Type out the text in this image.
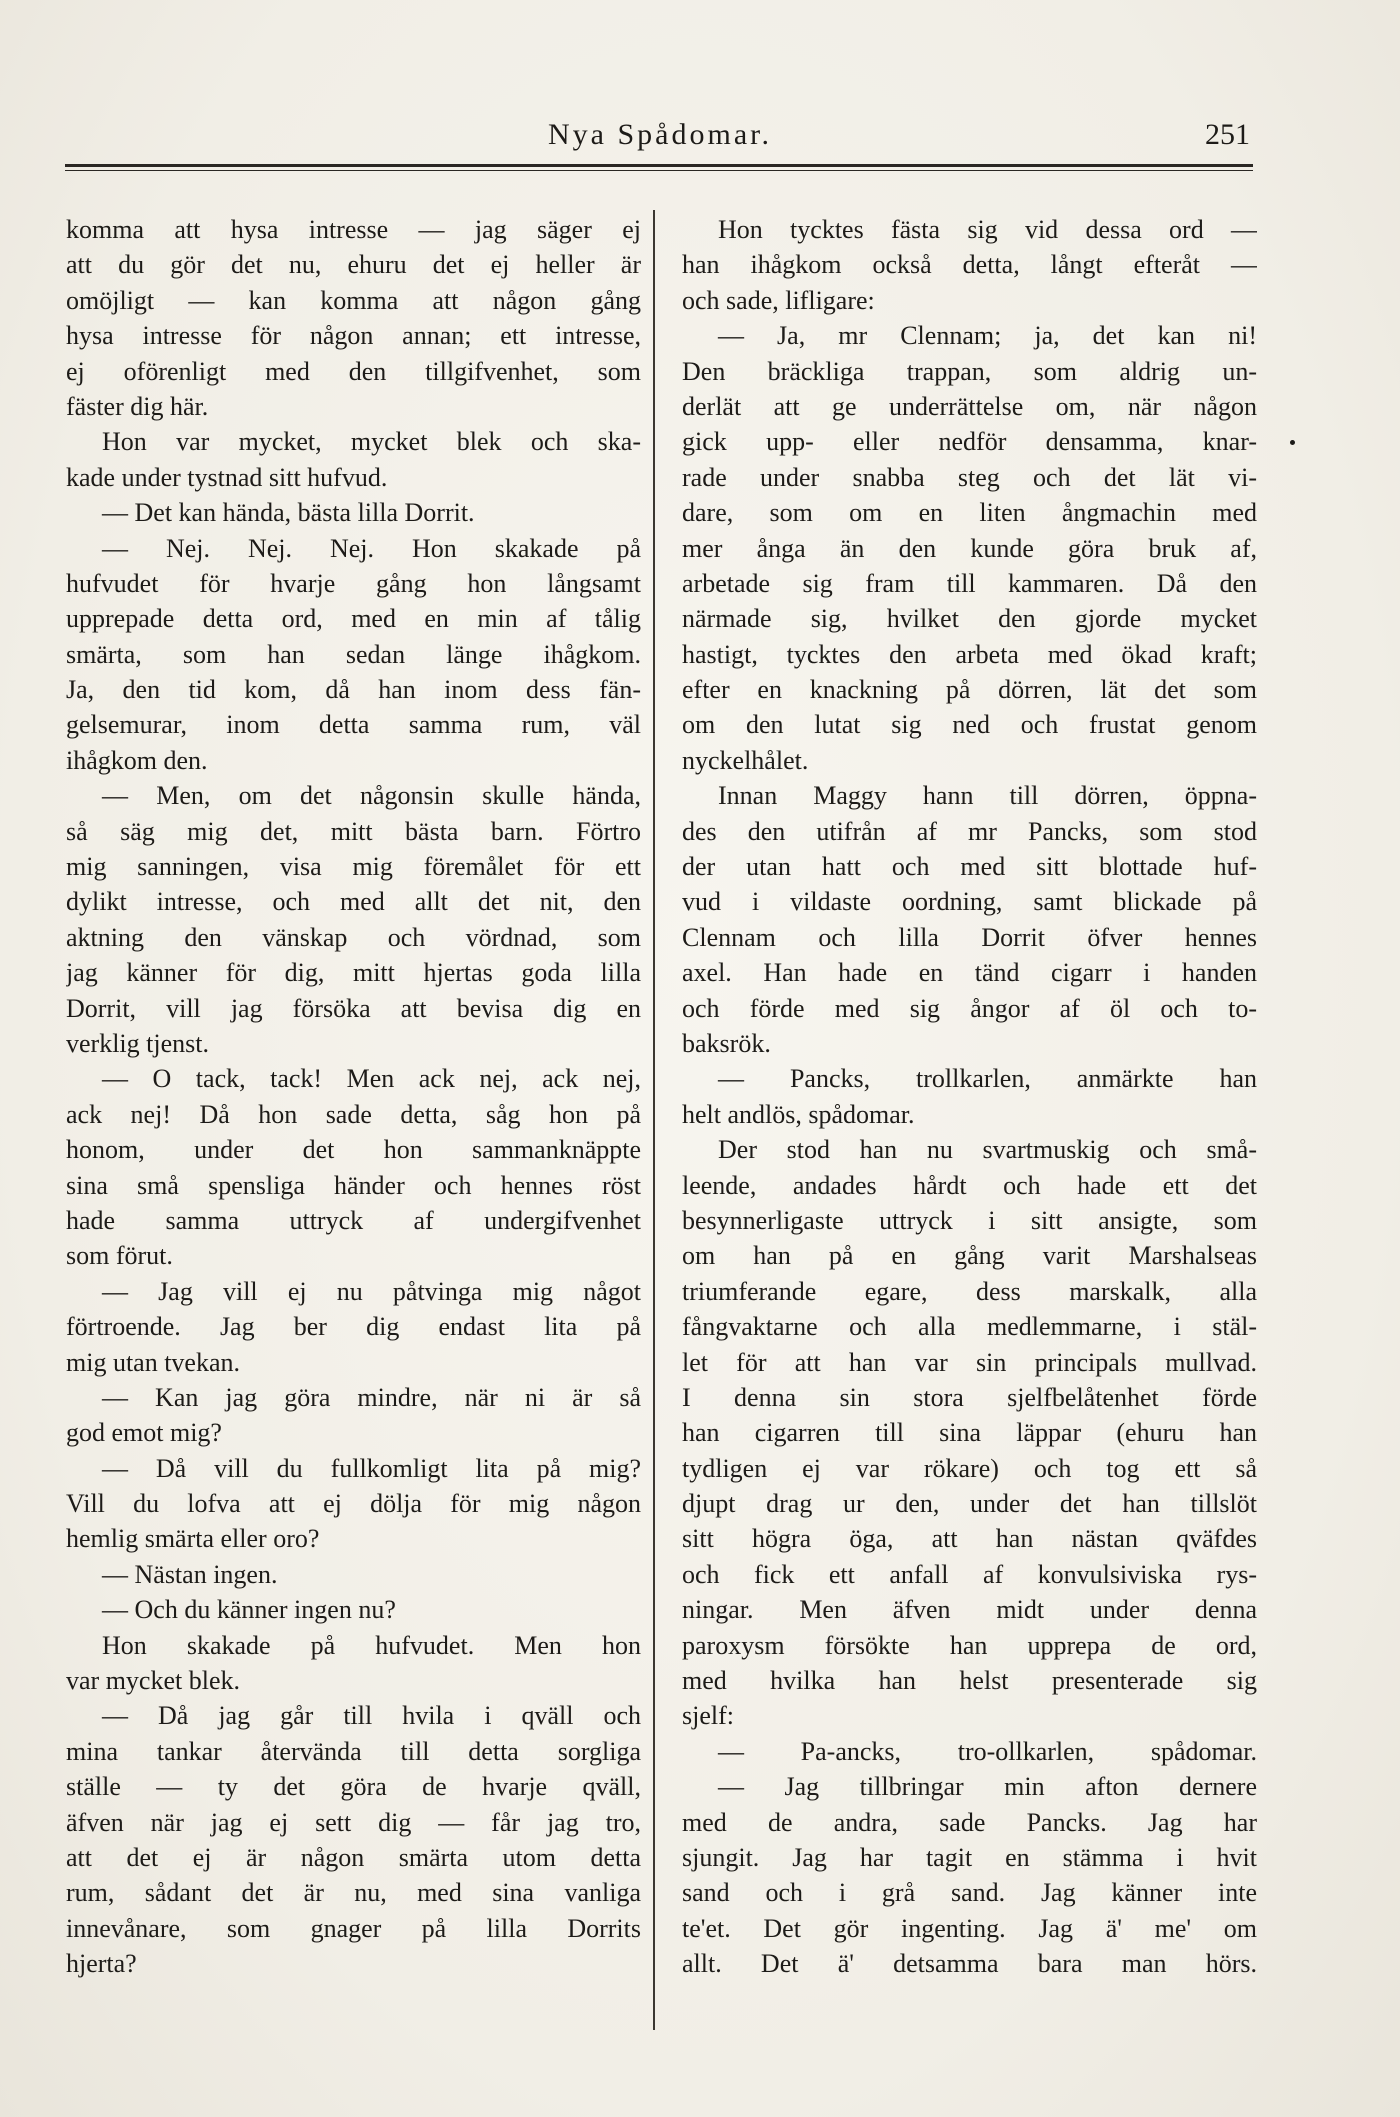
Nya Spådomar.	251
komma att hysa intresse — jag säger ej
att du gör det nu, ehuru det ej heller är
omöjligt — kan komma att någon gång
hysa intresse för någon annan; ett intresse,
ej oförenligt med den tillgifvenhet, som
fäster dig här.
Hon var mycket, mycket blek och ska-
kade under tystnad sitt hufvud.
— Det kan hända, bästa lilla Dorrit.
— Nej. Nej. Nej. Hon skakade på
hufvudet för hvarje gång hon långsamt
upprepade detta ord, med en min af tålig
smärta, som han sedan länge ihågkom.
Ja, den tid kom, då han inom dess fän-
gelsemurar, inom detta samma rum, väl
ihågkom den.
— Men, om det någonsin skulle hända,
så säg mig det, mitt bästa barn. Förtro
mig sanningen, visa mig föremålet för ett
dylikt intresse, och med allt det nit, den
aktning den vänskap och vördnad, som
jag känner för dig, mitt hjertas goda lilla
Dorrit, vill jag försöka att bevisa dig en
verklig tjenst.
— O tack, tack! Men ack nej, ack nej,
ack nej! Då hon sade detta, såg hon på
honom, under det hon sammanknäppte
sina små spensliga händer och hennes röst
hade samma uttryck af undergifvenhet
som förut.
— Jag vill ej nu påtvinga mig något
förtroende. Jag ber dig endast lita på
mig utan tvekan.
— Kan jag göra mindre, när ni är så
god emot mig?
— Då vill du fullkomligt lita på mig?
Vill du lofva att ej dölja för mig någon
hemlig smärta eller oro?
— Nästan ingen.
— Och du känner ingen nu?
Hon skakade på hufvudet. Men hon
var mycket blek.
— Då jag går till hvila i qväll och
mina tankar återvända till detta sorgliga
ställe — ty det göra de hvarje qväll,
äfven när jag ej sett dig — får jag tro,
att det ej är någon smärta utom detta
rum, sådant det är nu, med sina vanliga
innevånare, som gnager på lilla Dorrits
hjerta?
Hon tycktes fästa sig vid dessa ord —
han ihågkom också detta, långt efteråt —
och sade, lifligare:
— Ja, mr Clennam; ja, det kan ni!
Den bräckliga trappan, som aldrig un-
derlät att ge underrättelse om, när någon
gick upp- eller nedför densamma, knar-
rade under snabba steg och det lät vi-
dare, som om en liten ångmachin med
mer ånga än den kunde göra bruk af,
arbetade sig fram till kammaren. Då den
närmade sig, hvilket den gjorde mycket
hastigt, tycktes den arbeta med ökad kraft;
efter en knackning på dörren, lät det som
om den lutat sig ned och frustat genom
nyckelhålet.
Innan Maggy hann till dörren, öppna-
des den utifrån af mr Pancks, som stod
der utan hatt och med sitt blottade huf-
vud i vildaste oordning, samt blickade på
Clennam och lilla Dorrit öfver hennes
axel. Han hade en tänd cigarr i handen
och förde med sig ångor af öl och to-
baksrök.
— Pancks, trollkarlen, anmärkte han
helt andlös, spådomar.
Der stod han nu svartmuskig och små-
leende, andades hårdt och hade ett det
besynnerligaste uttryck i sitt ansigte, som
om han på en gång varit Marshalseas
triumferande egare, dess marskalk, alla
fångvaktarne och alla medlemmarne, i stäl-
let för att han var sin principals mullvad.
I denna sin stora sjelfbelåtenhet förde
han cigarren till sina läppar (ehuru han
tydligen ej var rökare) och tog ett så
djupt drag ur den, under det han tillslöt
sitt högra öga, att han nästan qväfdes
och fick ett anfall af konvulsiviska rys-
ningar. Men äfven midt under denna
paroxysm försökte han upprepa de ord,
med hvilka han helst presenterade sig
sjelf:
— Pa-ancks, tro-ollkarlen, spådomar.
— Jag tillbringar min afton dernere
med de andra, sade Pancks. Jag har
sjungit. Jag har tagit en stämma i hvit
sand och i grå sand. Jag känner inte
te'et. Det gör ingenting. Jag ä' me' om
allt. Det ä' detsamma bara man hörs.
